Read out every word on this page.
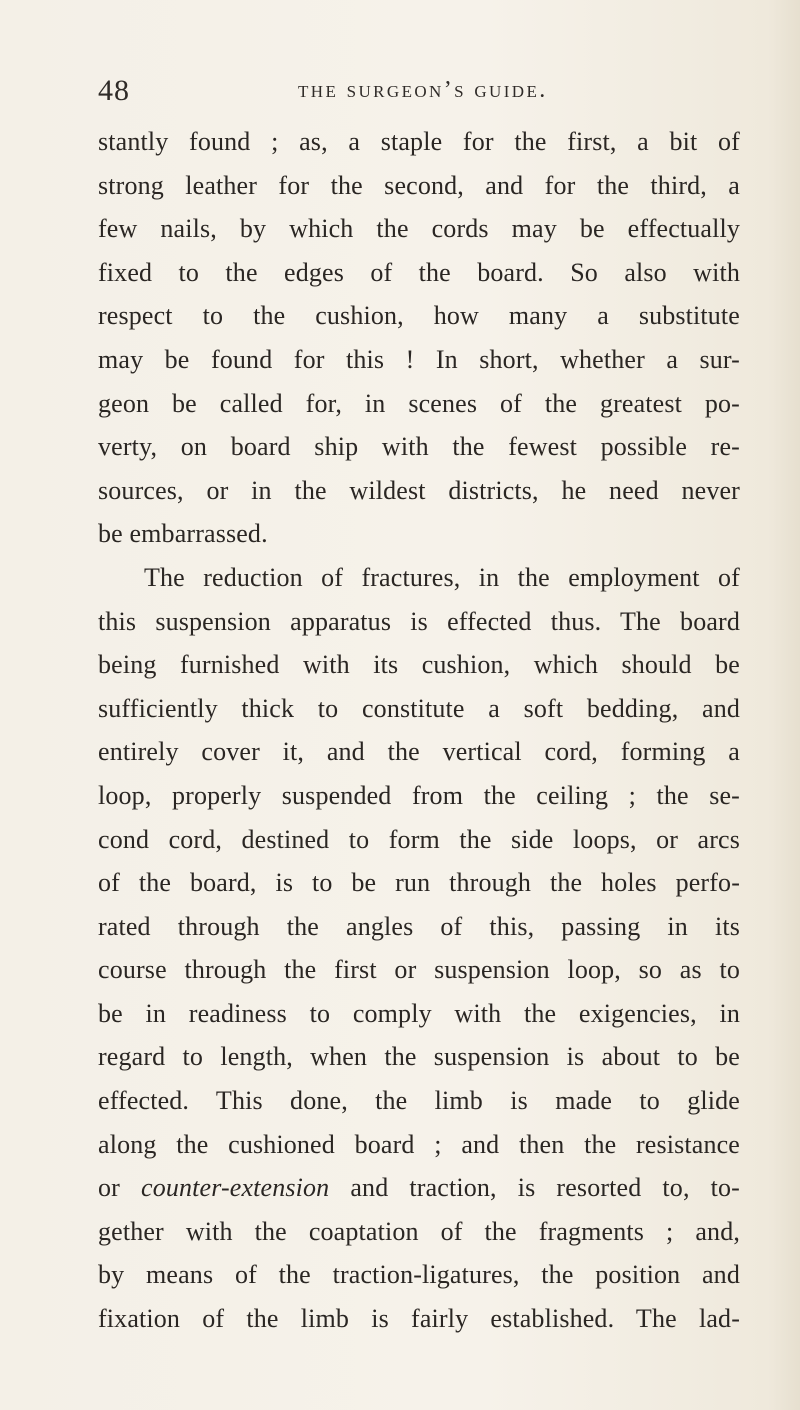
48	the surgeon’s guide.
stantly found ; as, a staple for the first, a bit of
strong leather for the second, and for the third, a
few nails, by which the cords may be effectually
fixed to the edges of the board. So also with
respect to the cushion, how many a substitute
may be found for this ! In short, whether a sur-
geon be called for, in scenes of the greatest po-
verty, on board ship with the fewest possible re-
sources, or in the wildest districts, he need never
be embarrassed.
The reduction of fractures, in the employment of
this suspension apparatus is effected thus. The board
being furnished with its cushion, which should be
sufficiently thick to constitute a soft bedding, and
entirely cover it, and the vertical cord, forming a
loop, properly suspended from the ceiling ; the se-
cond cord, destined to form the side loops, or arcs
of the board, is to be run through the holes perfo-
rated through the angles of this, passing in its
course through the first or suspension loop, so as to
be in readiness to comply with the exigencies, in
regard to length, when the suspension is about to be
effected. This done, the limb is made to glide
along the cushioned board ; and then the resistance
or counter-extension and traction, is resorted to, to-
gether with the coaptation of the fragments ; and,
by means of the traction-ligatures, the position and
fixation of the limb is fairly established. The lad-
